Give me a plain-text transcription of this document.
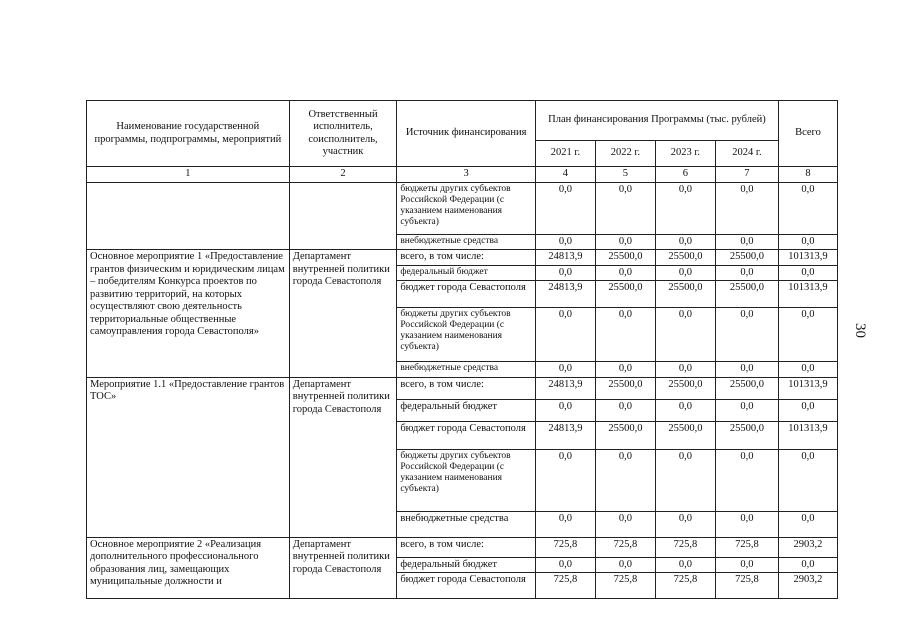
30
Наименование государственной программы, подпрограммы, мероприятий	Ответственный исполнитель, соисполнитель, участник	Источник финансирования	План финансирования Программы (тыс. рублей)				Всего
			2021 г.	2022 г.	2023 г.	2024 г.	
1	2	3	4	5	6	7	8
		бюджеты других субъектов Российской Федерации (с указанием наименования субъекта)	0,0	0,0	0,0	0,0	0,0
		внебюджетные средства	0,0	0,0	0,0	0,0	0,0
Основное мероприятие 1 «Предоставление грантов физическим и юридическим лицам – победителям Конкурса проектов по развитию территорий, на которых осуществляют свою деятельность территориальные общественные самоуправления города Севастополя»	Департамент внутренней политики города Севастополя	всего, в том числе:	24813,9	25500,0	25500,0	25500,0	101313,9
		федеральный бюджет	0,0	0,0	0,0	0,0	0,0
		бюджет города Севастополя	24813,9	25500,0	25500,0	25500,0	101313,9
		бюджеты других субъектов Российской Федерации (с указанием наименования субъекта)	0,0	0,0	0,0	0,0	0,0
		внебюджетные средства	0,0	0,0	0,0	0,0	0,0
Мероприятие 1.1 «Предоставление грантов ТОС»	Департамент внутренней политики города Севастополя	всего, в том числе:	24813,9	25500,0	25500,0	25500,0	101313,9
		федеральный бюджет	0,0	0,0	0,0	0,0	0,0
		бюджет города Севастополя	24813,9	25500,0	25500,0	25500,0	101313,9
		бюджеты других субъектов Российской Федерации (с указанием наименования субъекта)	0,0	0,0	0,0	0,0	0,0
		внебюджетные средства	0,0	0,0	0,0	0,0	0,0
Основное мероприятие 2 «Реализация дополнительного профессионального образования лиц, замещающих муниципальные должности и	Департамент внутренней политики города Севастополя	всего, в том числе:	725,8	725,8	725,8	725,8	2903,2
		федеральный бюджет	0,0	0,0	0,0	0,0	0,0
		бюджет города Севастополя	725,8	725,8	725,8	725,8	2903,2
